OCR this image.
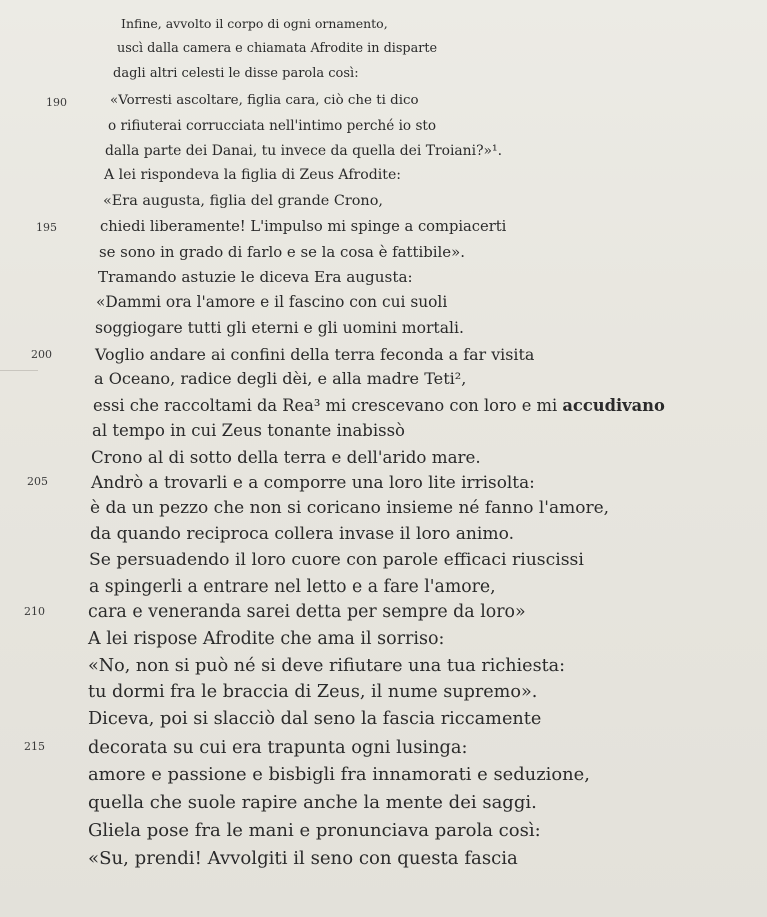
Infine, avvolto il corpo di ogni ornamento,
uscì dalla camera e chiamata Afrodite in disparte
dagli altri celesti le disse parola così:
190	«Vorresti ascoltare, figlia cara, ciò che ti dico
o rifiuterai corrucciata nell'intimo perché io sto
dalla parte dei Danai, tu invece da quella dei Troiani?»¹.
A lei rispondeva la figlia di Zeus Afrodite:
«Era augusta, figlia del grande Crono,
195	chiedi liberamente! L'impulso mi spinge a compiacerti
se sono in grado di farlo e se la cosa è fattibile».
Tramando astuzie le diceva Era augusta:
«Dammi ora l'amore e il fascino con cui suoli
soggiogare tutti gli eterni e gli uomini mortali.
200	Voglio andare ai confini della terra feconda a far visita
a Oceano, radice degli dèi, e alla madre Teti²,
essi che raccoltami da Rea³ mi crescevano con loro e mi accudivano
al tempo in cui Zeus tonante inabissò
Crono al di sotto della terra e dell'arido mare.
205	Andrò a trovarli e a comporre una loro lite irrisolta:
è da un pezzo che non si coricano insieme né fanno l'amore,
da quando reciproca collera invase il loro animo.
Se persuadendo il loro cuore con parole efficaci riuscissi
a spingerli a entrare nel letto e a fare l'amore,
210 cara e veneranda sarei detta per sempre da loro»
A lei rispose Afrodite che ama il sorriso:
«No, non si può né si deve rifiutare una tua richiesta:
tu dormi fra le braccia di Zeus, il nume supremo».
Diceva, poi si slacciò dal seno la fascia riccamente
215 decorata su cui era trapunta ogni lusinga:
amore e passione e bisbigli fra innamorati e seduzione,
quella che suole rapire anche la mente dei saggi.
Gliela pose fra le mani e pronunciava parola così:
«Su, prendi! Avvolgiti il seno con questa fascia
